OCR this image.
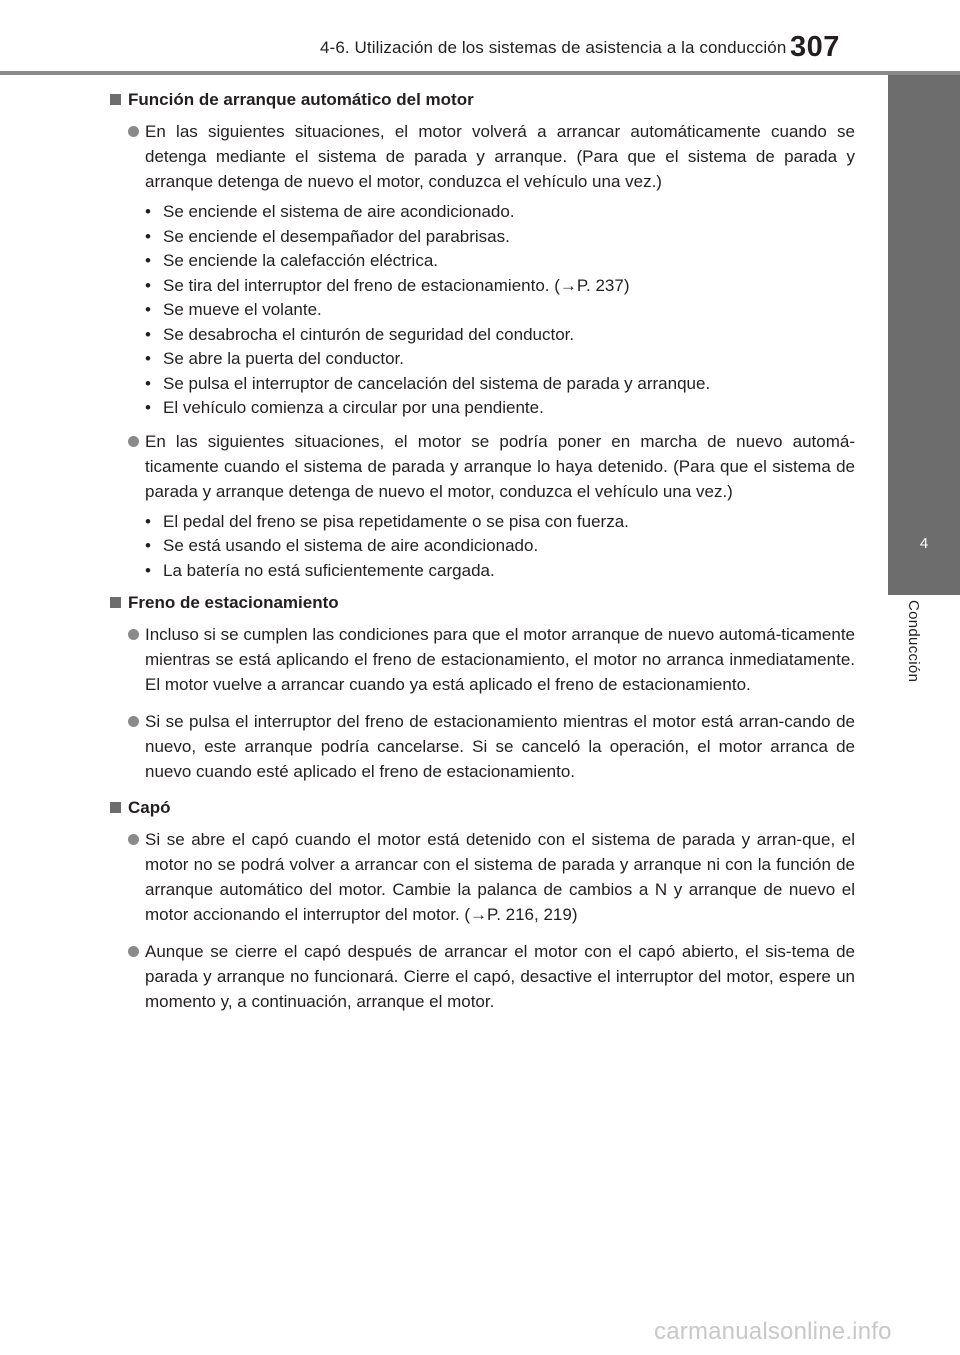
4-6. Utilización de los sistemas de asistencia a la conducción 307
4
Conducción
Función de arranque automático del motor
En las siguientes situaciones, el motor volverá a arrancar automáticamente cuando se detenga mediante el sistema de parada y arranque. (Para que el sistema de parada y arranque detenga de nuevo el motor, conduzca el vehículo una vez.)
• Se enciende el sistema de aire acondicionado.
• Se enciende el desempañador del parabrisas.
• Se enciende la calefacción eléctrica.
• Se tira del interruptor del freno de estacionamiento. (→P. 237)
• Se mueve el volante.
• Se desabrocha el cinturón de seguridad del conductor.
• Se abre la puerta del conductor.
• Se pulsa el interruptor de cancelación del sistema de parada y arranque.
• El vehículo comienza a circular por una pendiente.
En las siguientes situaciones, el motor se podría poner en marcha de nuevo automá-ticamente cuando el sistema de parada y arranque lo haya detenido. (Para que el sistema de parada y arranque detenga de nuevo el motor, conduzca el vehículo una vez.)
• El pedal del freno se pisa repetidamente o se pisa con fuerza.
• Se está usando el sistema de aire acondicionado.
• La batería no está suficientemente cargada.
Freno de estacionamiento
Incluso si se cumplen las condiciones para que el motor arranque de nuevo automá-ticamente mientras se está aplicando el freno de estacionamiento, el motor no arranca inmediatamente. El motor vuelve a arrancar cuando ya está aplicado el freno de estacionamiento.
Si se pulsa el interruptor del freno de estacionamiento mientras el motor está arran-cando de nuevo, este arranque podría cancelarse. Si se canceló la operación, el motor arranca de nuevo cuando esté aplicado el freno de estacionamiento.
Capó
Si se abre el capó cuando el motor está detenido con el sistema de parada y arran-que, el motor no se podrá volver a arrancar con el sistema de parada y arranque ni con la función de arranque automático del motor. Cambie la palanca de cambios a N y arranque de nuevo el motor accionando el interruptor del motor. (→P. 216, 219)
Aunque se cierre el capó después de arrancar el motor con el capó abierto, el sis-tema de parada y arranque no funcionará. Cierre el capó, desactive el interruptor del motor, espere un momento y, a continuación, arranque el motor.
carmanualsonline.info
